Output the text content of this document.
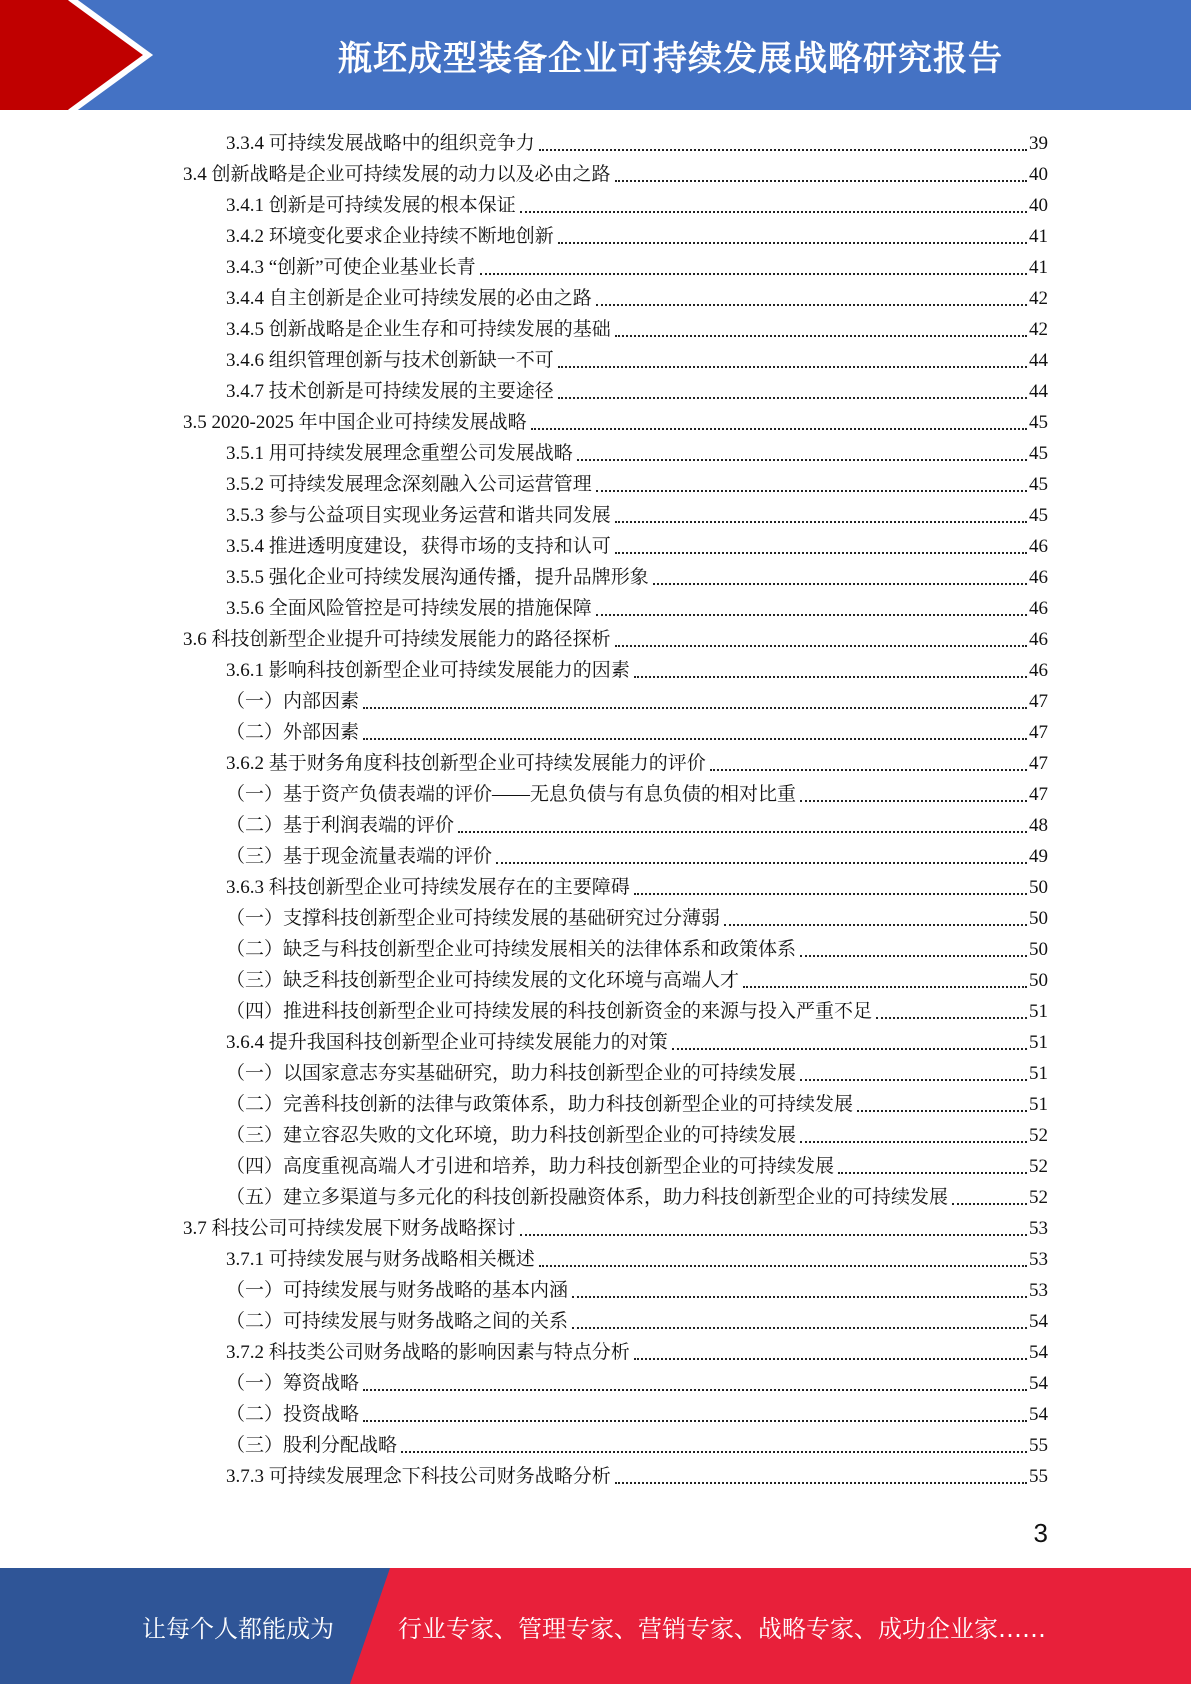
瓶坯成型装备企业可持续发展战略研究报告
3.3.4 可持续发展战略中的组织竞争力	39
3.4 创新战略是企业可持续发展的动力以及必由之路	40
3.4.1 创新是可持续发展的根本保证	40
3.4.2 环境变化要求企业持续不断地创新	41
3.4.3 “创新”可使企业基业长青	41
3.4.4 自主创新是企业可持续发展的必由之路	42
3.4.5 创新战略是企业生存和可持续发展的基础	42
3.4.6 组织管理创新与技术创新缺一不可	44
3.4.7 技术创新是可持续发展的主要途径	44
3.5 2020-2025 年中国企业可持续发展战略	45
3.5.1 用可持续发展理念重塑公司发展战略	45
3.5.2 可持续发展理念深刻融入公司运营管理	45
3.5.3 参与公益项目实现业务运营和谐共同发展	45
3.5.4 推进透明度建设，获得市场的支持和认可	46
3.5.5 强化企业可持续发展沟通传播，提升品牌形象	46
3.5.6 全面风险管控是可持续发展的措施保障	46
3.6 科技创新型企业提升可持续发展能力的路径探析	46
3.6.1 影响科技创新型企业可持续发展能力的因素	46
（一）内部因素	47
（二）外部因素	47
3.6.2 基于财务角度科技创新型企业可持续发展能力的评价	47
（一）基于资产负债表端的评价——无息负债与有息负债的相对比重	47
（二）基于利润表端的评价	48
（三）基于现金流量表端的评价	49
3.6.3 科技创新型企业可持续发展存在的主要障碍	50
（一）支撑科技创新型企业可持续发展的基础研究过分薄弱	50
（二）缺乏与科技创新型企业可持续发展相关的法律体系和政策体系	50
（三）缺乏科技创新型企业可持续发展的文化环境与高端人才	50
（四）推进科技创新型企业可持续发展的科技创新资金的来源与投入严重不足	51
3.6.4 提升我国科技创新型企业可持续发展能力的对策	51
（一）以国家意志夯实基础研究，助力科技创新型企业的可持续发展	51
（二）完善科技创新的法律与政策体系，助力科技创新型企业的可持续发展	51
（三）建立容忍失败的文化环境，助力科技创新型企业的可持续发展	52
（四）高度重视高端人才引进和培养，助力科技创新型企业的可持续发展	52
（五）建立多渠道与多元化的科技创新投融资体系，助力科技创新型企业的可持续发展	52
3.7 科技公司可持续发展下财务战略探讨	53
3.7.1 可持续发展与财务战略相关概述	53
（一）可持续发展与财务战略的基本内涵	53
（二）可持续发展与财务战略之间的关系	54
3.7.2 科技类公司财务战略的影响因素与特点分析	54
（一）筹资战略	54
（二）投资战略	54
（三）股利分配战略	55
3.7.3 可持续发展理念下科技公司财务战略分析	55
3
让每个人都能成为	行业专家、管理专家、营销专家、战略专家、成功企业家……
